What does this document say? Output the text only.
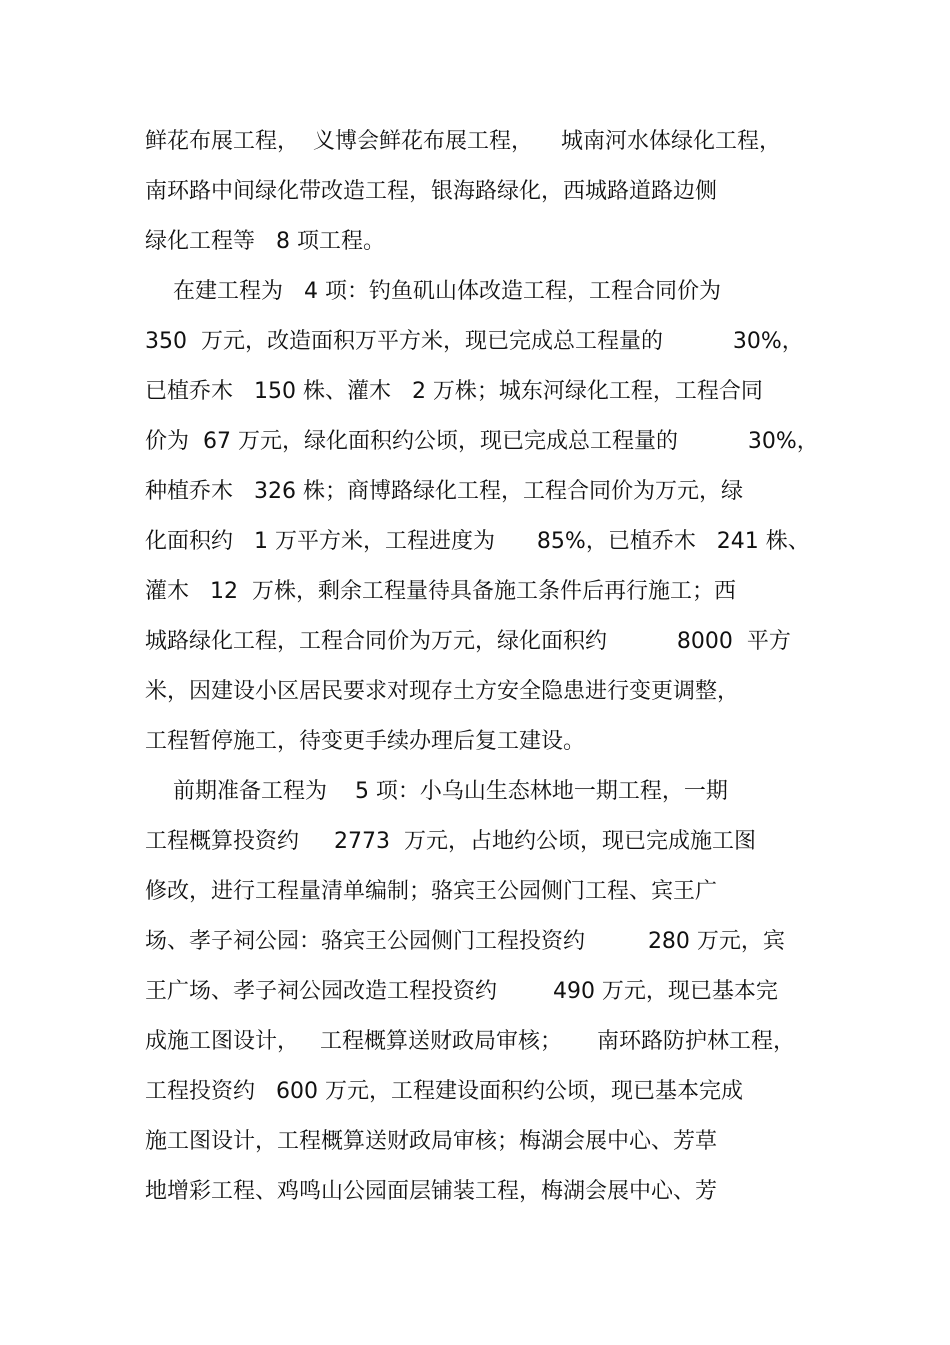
鲜花布展工程，  义博会鲜花布展工程，    城南河水体绿化工程，
南环路中间绿化带改造工程，银海路绿化，西城路道路边侧
绿化工程等   8 项工程。
在建工程为   4 项：钓鱼矶山体改造工程，工程合同价为
350  万元，改造面积万平方米，现已完成总工程量的          30%，
已植乔木   150 株、灌木   2 万株；城东河绿化工程，工程合同
价为  67 万元，绿化面积约公顷，现已完成总工程量的          30%，
种植乔木   326 株；商博路绿化工程，工程合同价为万元，绿
化面积约   1 万平方米，工程进度为      85%，已植乔木   241 株、
灌木   12  万株，剩余工程量待具备施工条件后再行施工；西
城路绿化工程，工程合同价为万元，绿化面积约          8000  平方
米，因建设小区居民要求对现存土方安全隐患进行变更调整，
工程暂停施工，待变更手续办理后复工建设。
前期准备工程为    5 项：小乌山生态林地一期工程，一期
工程概算投资约     2773  万元，占地约公顷，现已完成施工图
修改，进行工程量清单编制；骆宾王公园侧门工程、宾王广
场、孝子祠公园：骆宾王公园侧门工程投资约         280 万元，宾
王广场、孝子祠公园改造工程投资约        490 万元，现已基本完
成施工图设计，   工程概算送财政局审核；     南环路防护林工程，
工程投资约   600 万元，工程建设面积约公顷，现已基本完成
施工图设计，工程概算送财政局审核；梅湖会展中心、芳草
地增彩工程、鸡鸣山公园面层铺装工程，梅湖会展中心、芳
